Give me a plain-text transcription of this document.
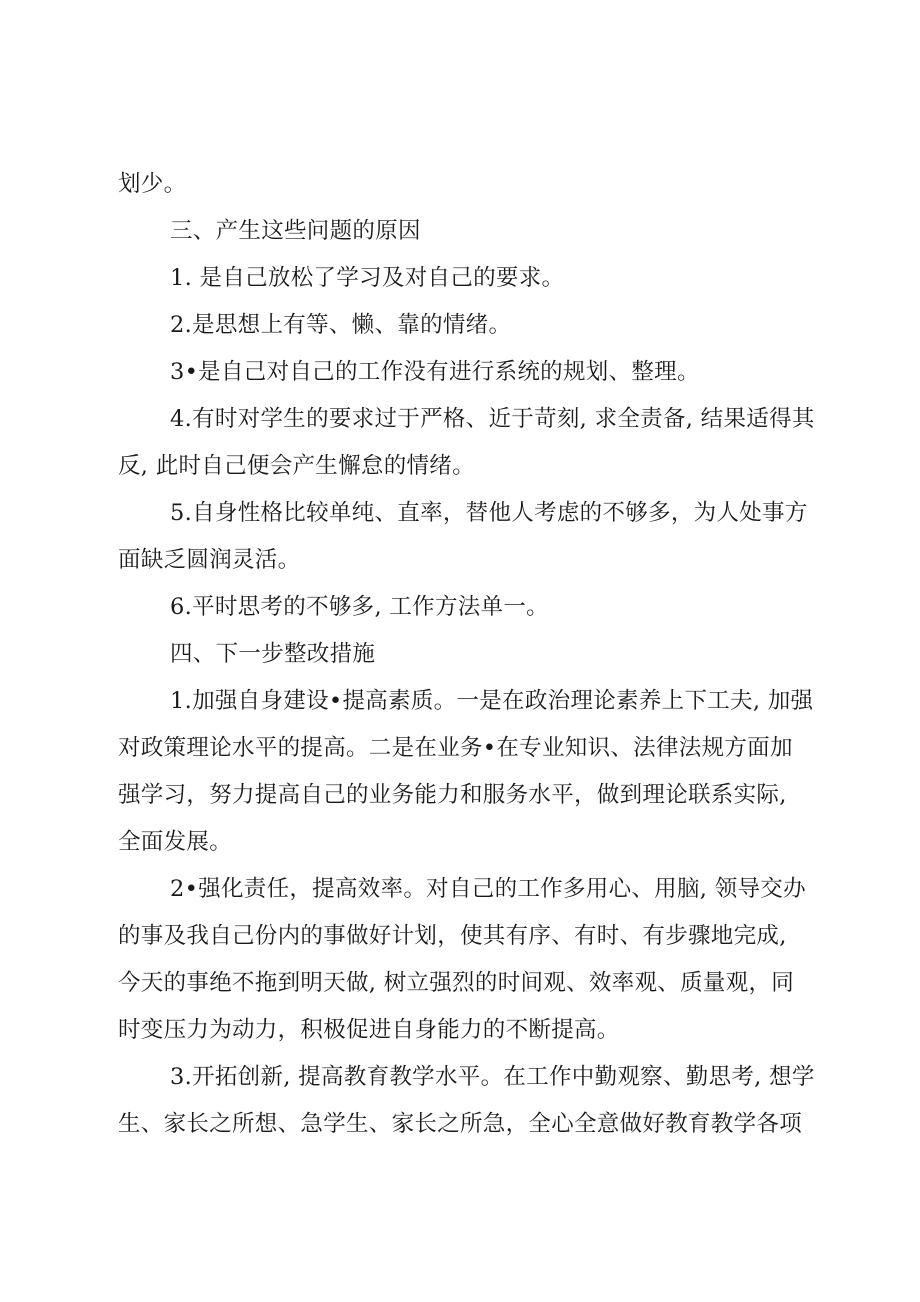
划少。
三、产生这些问题的原因
1. 是自己放松了学习及对自己的要求。
2.是思想上有等、懒、靠的情绪。
3•是自己对自己的工作没有进行系统的规划、整理。
4.有时对学生的要求过于严格、近于苛刻, 求全责备, 结果适得其
反, 此时自己便会产生懈怠的情绪。
5.自身性格比较单纯、直率，替他人考虑的不够多，为人处事方
面缺乏圆润灵活。
6.平时思考的不够多, 工作方法单一。
四、下一步整改措施
1.加强自身建设•提高素质。一是在政治理论素养上下工夫, 加强
对政策理论水平的提高。二是在业务•在专业知识、法律法规方面加
强学习，努力提高自己的业务能力和服务水平，做到理论联系实际,
全面发展。
2•强化责任，提高效率。对自己的工作多用心、用脑, 领导交办
的事及我自己份内的事做好计划，使其有序、有时、有步骤地完成,
今天的事绝不拖到明天做, 树立强烈的时间观、效率观、质量观，同
时变压力为动力，积极促进自身能力的不断提高。
3.开拓创新, 提高教育教学水平。在工作中勤观察、勤思考, 想学
生、家长之所想、急学生、家长之所急，全心全意做好教育教学各项
